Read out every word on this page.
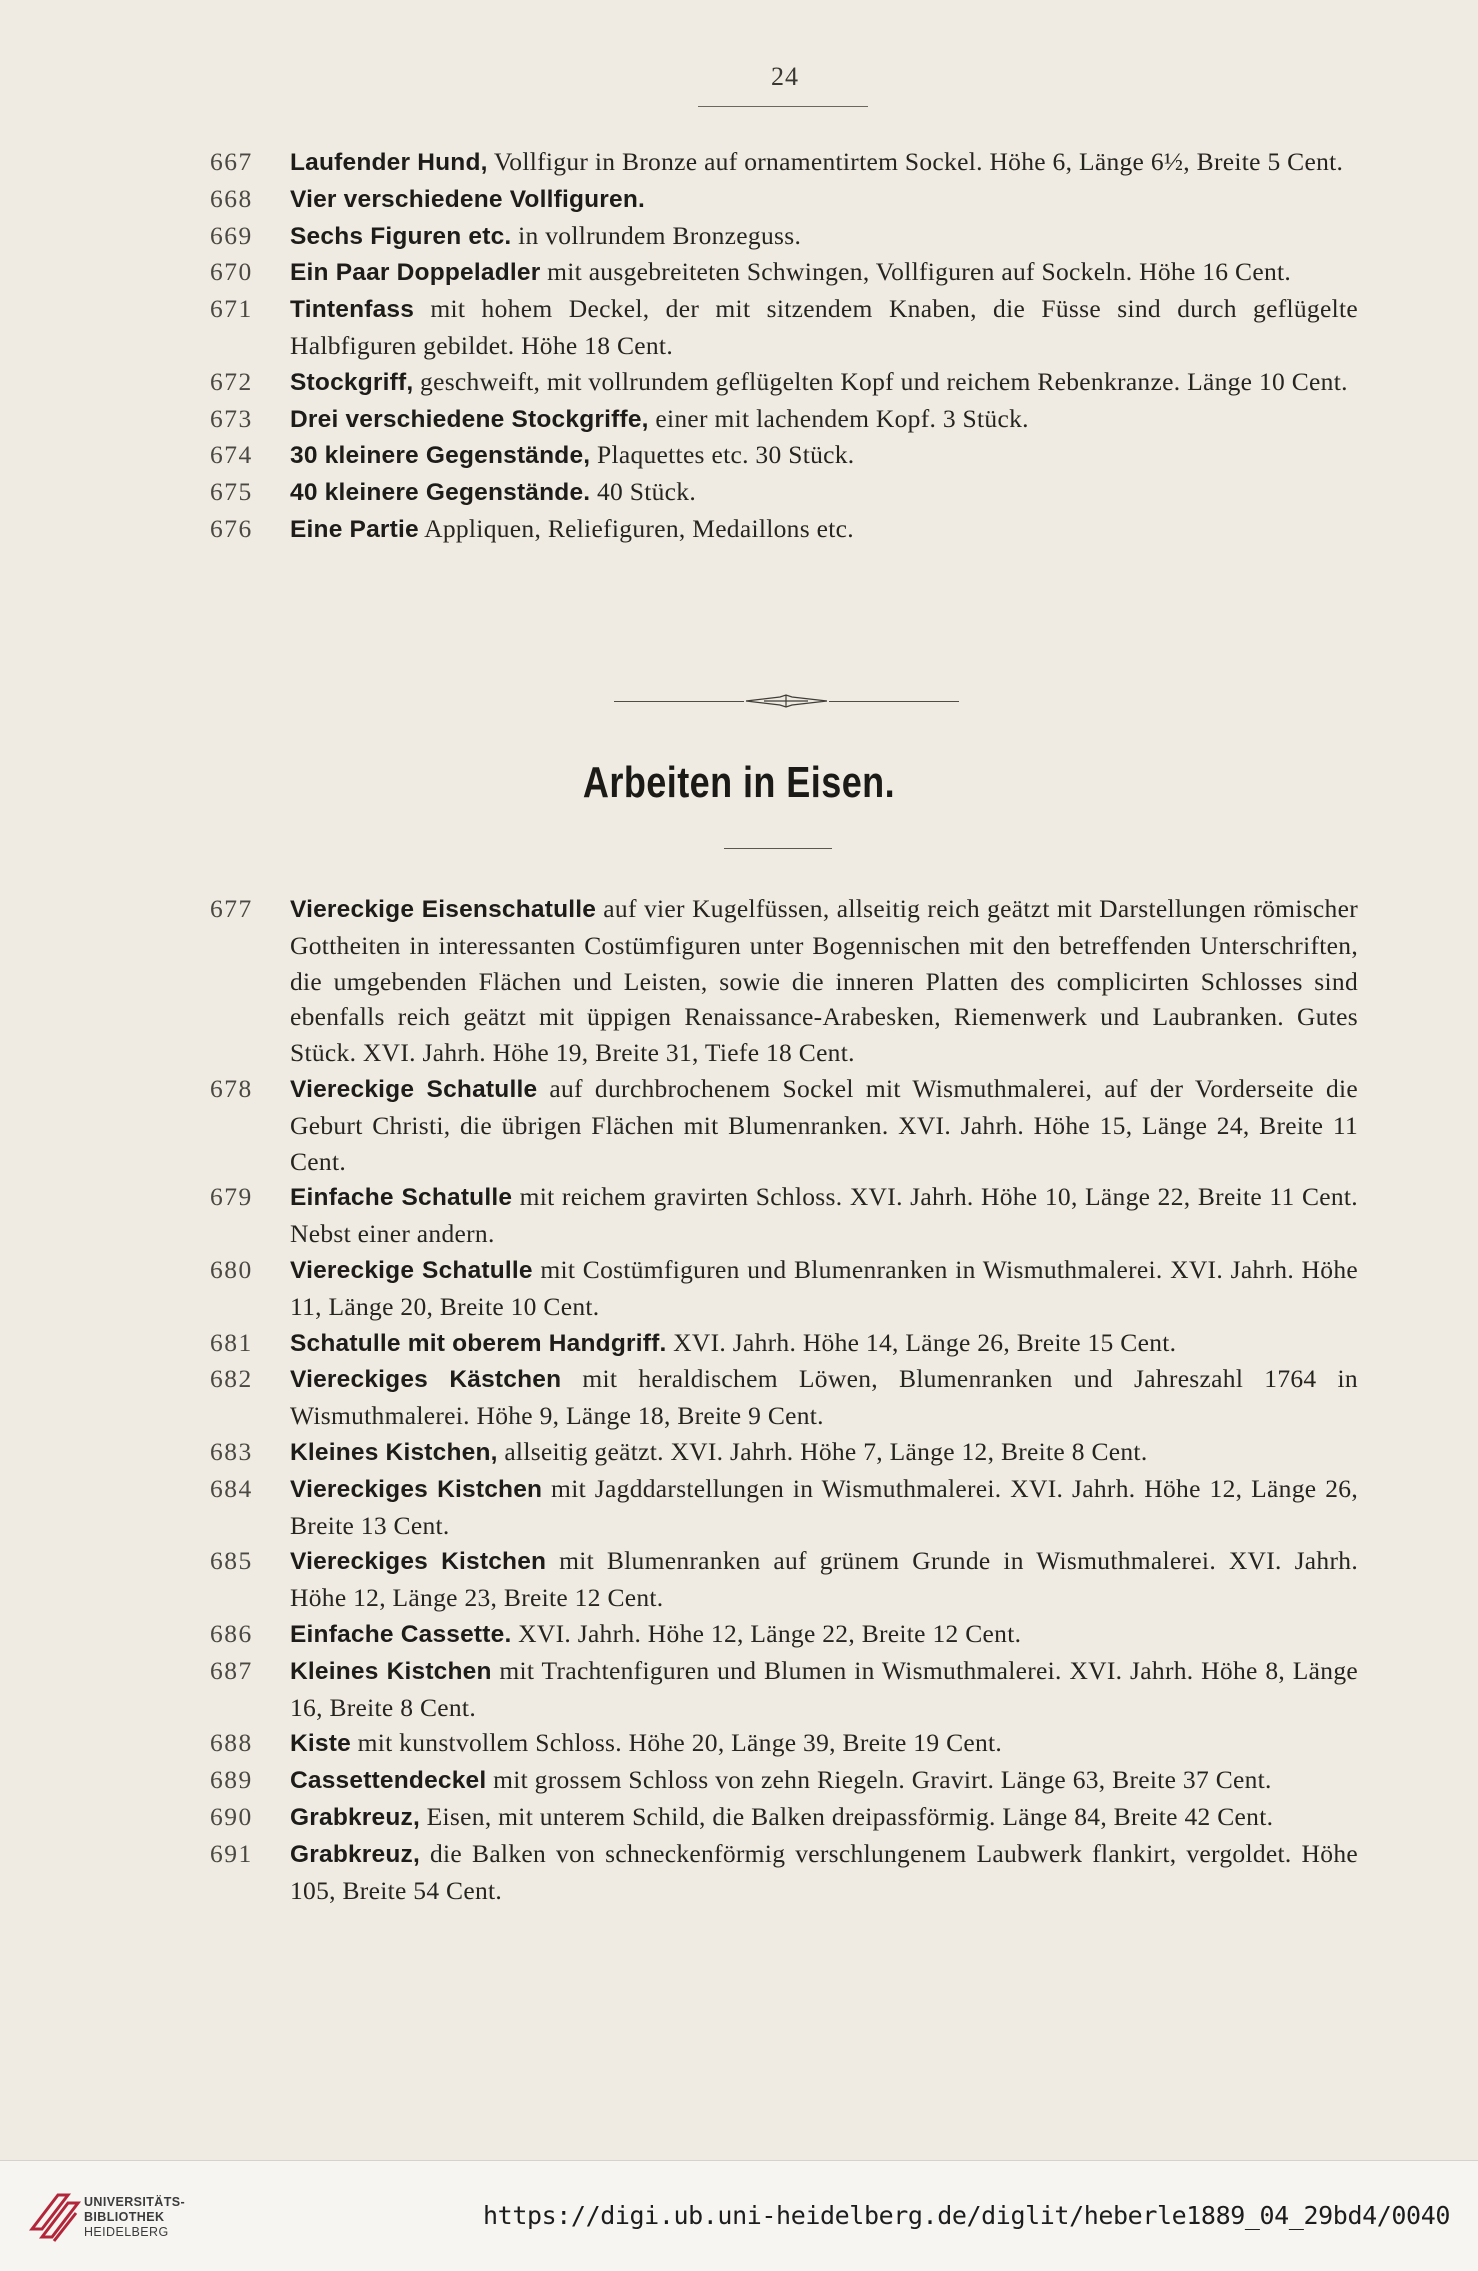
24
667 Laufender Hund, Vollfigur in Bronze auf ornamentirtem Sockel. Höhe 6, Länge 6½, Breite 5 Cent.
668 Vier verschiedene Vollfiguren.
669 Sechs Figuren etc. in vollrundem Bronzeguss.
670 Ein Paar Doppeladler mit ausgebreiteten Schwingen, Vollfiguren auf Sockeln. Höhe 16 Cent.
671 Tintenfass mit hohem Deckel, der mit sitzendem Knaben, die Füsse sind durch geflügelte Halbfiguren gebildet. Höhe 18 Cent.
672 Stockgriff, geschweift, mit vollrundem geflügelten Kopf und reichem Rebenkranze. Länge 10 Cent.
673 Drei verschiedene Stockgriffe, einer mit lachendem Kopf. 3 Stück.
674 30 kleinere Gegenstände, Plaquettes etc. 30 Stück.
675 40 kleinere Gegenstände. 40 Stück.
676 Eine Partie Appliquen, Reliefiguren, Medaillons etc.
Arbeiten in Eisen.
677 Viereckige Eisenschatulle auf vier Kugelfüssen, allseitig reich geätzt mit Darstellungen römischer Gottheiten in interessanten Costümfiguren unter Bogennischen mit den betreffenden Unterschriften, die umgebenden Flächen und Leisten, sowie die inneren Platten des complicirten Schlosses sind ebenfalls reich geätzt mit üppigen Renaissance-Arabesken, Riemenwerk und Laubranken. Gutes Stück. XVI. Jahrh. Höhe 19, Breite 31, Tiefe 18 Cent.
678 Viereckige Schatulle auf durchbrochenem Sockel mit Wismuthmalerei, auf der Vorderseite die Geburt Christi, die übrigen Flächen mit Blumenranken. XVI. Jahrh. Höhe 15, Länge 24, Breite 11 Cent.
679 Einfache Schatulle mit reichem gravirten Schloss. XVI. Jahrh. Höhe 10, Länge 22, Breite 11 Cent. Nebst einer andern.
680 Viereckige Schatulle mit Costümfiguren und Blumenranken in Wismuthmalerei. XVI. Jahrh. Höhe 11, Länge 20, Breite 10 Cent.
681 Schatulle mit oberem Handgriff. XVI. Jahrh. Höhe 14, Länge 26, Breite 15 Cent.
682 Viereckiges Kästchen mit heraldischem Löwen, Blumenranken und Jahreszahl 1764 in Wismuthmalerei. Höhe 9, Länge 18, Breite 9 Cent.
683 Kleines Kistchen, allseitig geätzt. XVI. Jahrh. Höhe 7, Länge 12, Breite 8 Cent.
684 Viereckiges Kistchen mit Jagddarstellungen in Wismuthmalerei. XVI. Jahrh. Höhe 12, Länge 26, Breite 13 Cent.
685 Viereckiges Kistchen mit Blumenranken auf grünem Grunde in Wismuthmalerei. XVI. Jahrh. Höhe 12, Länge 23, Breite 12 Cent.
686 Einfache Cassette. XVI. Jahrh. Höhe 12, Länge 22, Breite 12 Cent.
687 Kleines Kistchen mit Trachtenfiguren und Blumen in Wismuthmalerei. XVI. Jahrh. Höhe 8, Länge 16, Breite 8 Cent.
688 Kiste mit kunstvollem Schloss. Höhe 20, Länge 39, Breite 19 Cent.
689 Cassettendeckel mit grossem Schloss von zehn Riegeln. Gravirt. Länge 63, Breite 37 Cent.
690 Grabkreuz, Eisen, mit unterem Schild, die Balken dreipassförmig. Länge 84, Breite 42 Cent.
691 Grabkreuz, die Balken von schneckenförmig verschlungenem Laubwerk flankirt, vergoldet. Höhe 105, Breite 54 Cent.
UNIVERSITÄTS-
BIBLIOTHEK
HEIDELBERG
https://digi.ub.uni-heidelberg.de/diglit/heberle1889_04_29bd4/0040
